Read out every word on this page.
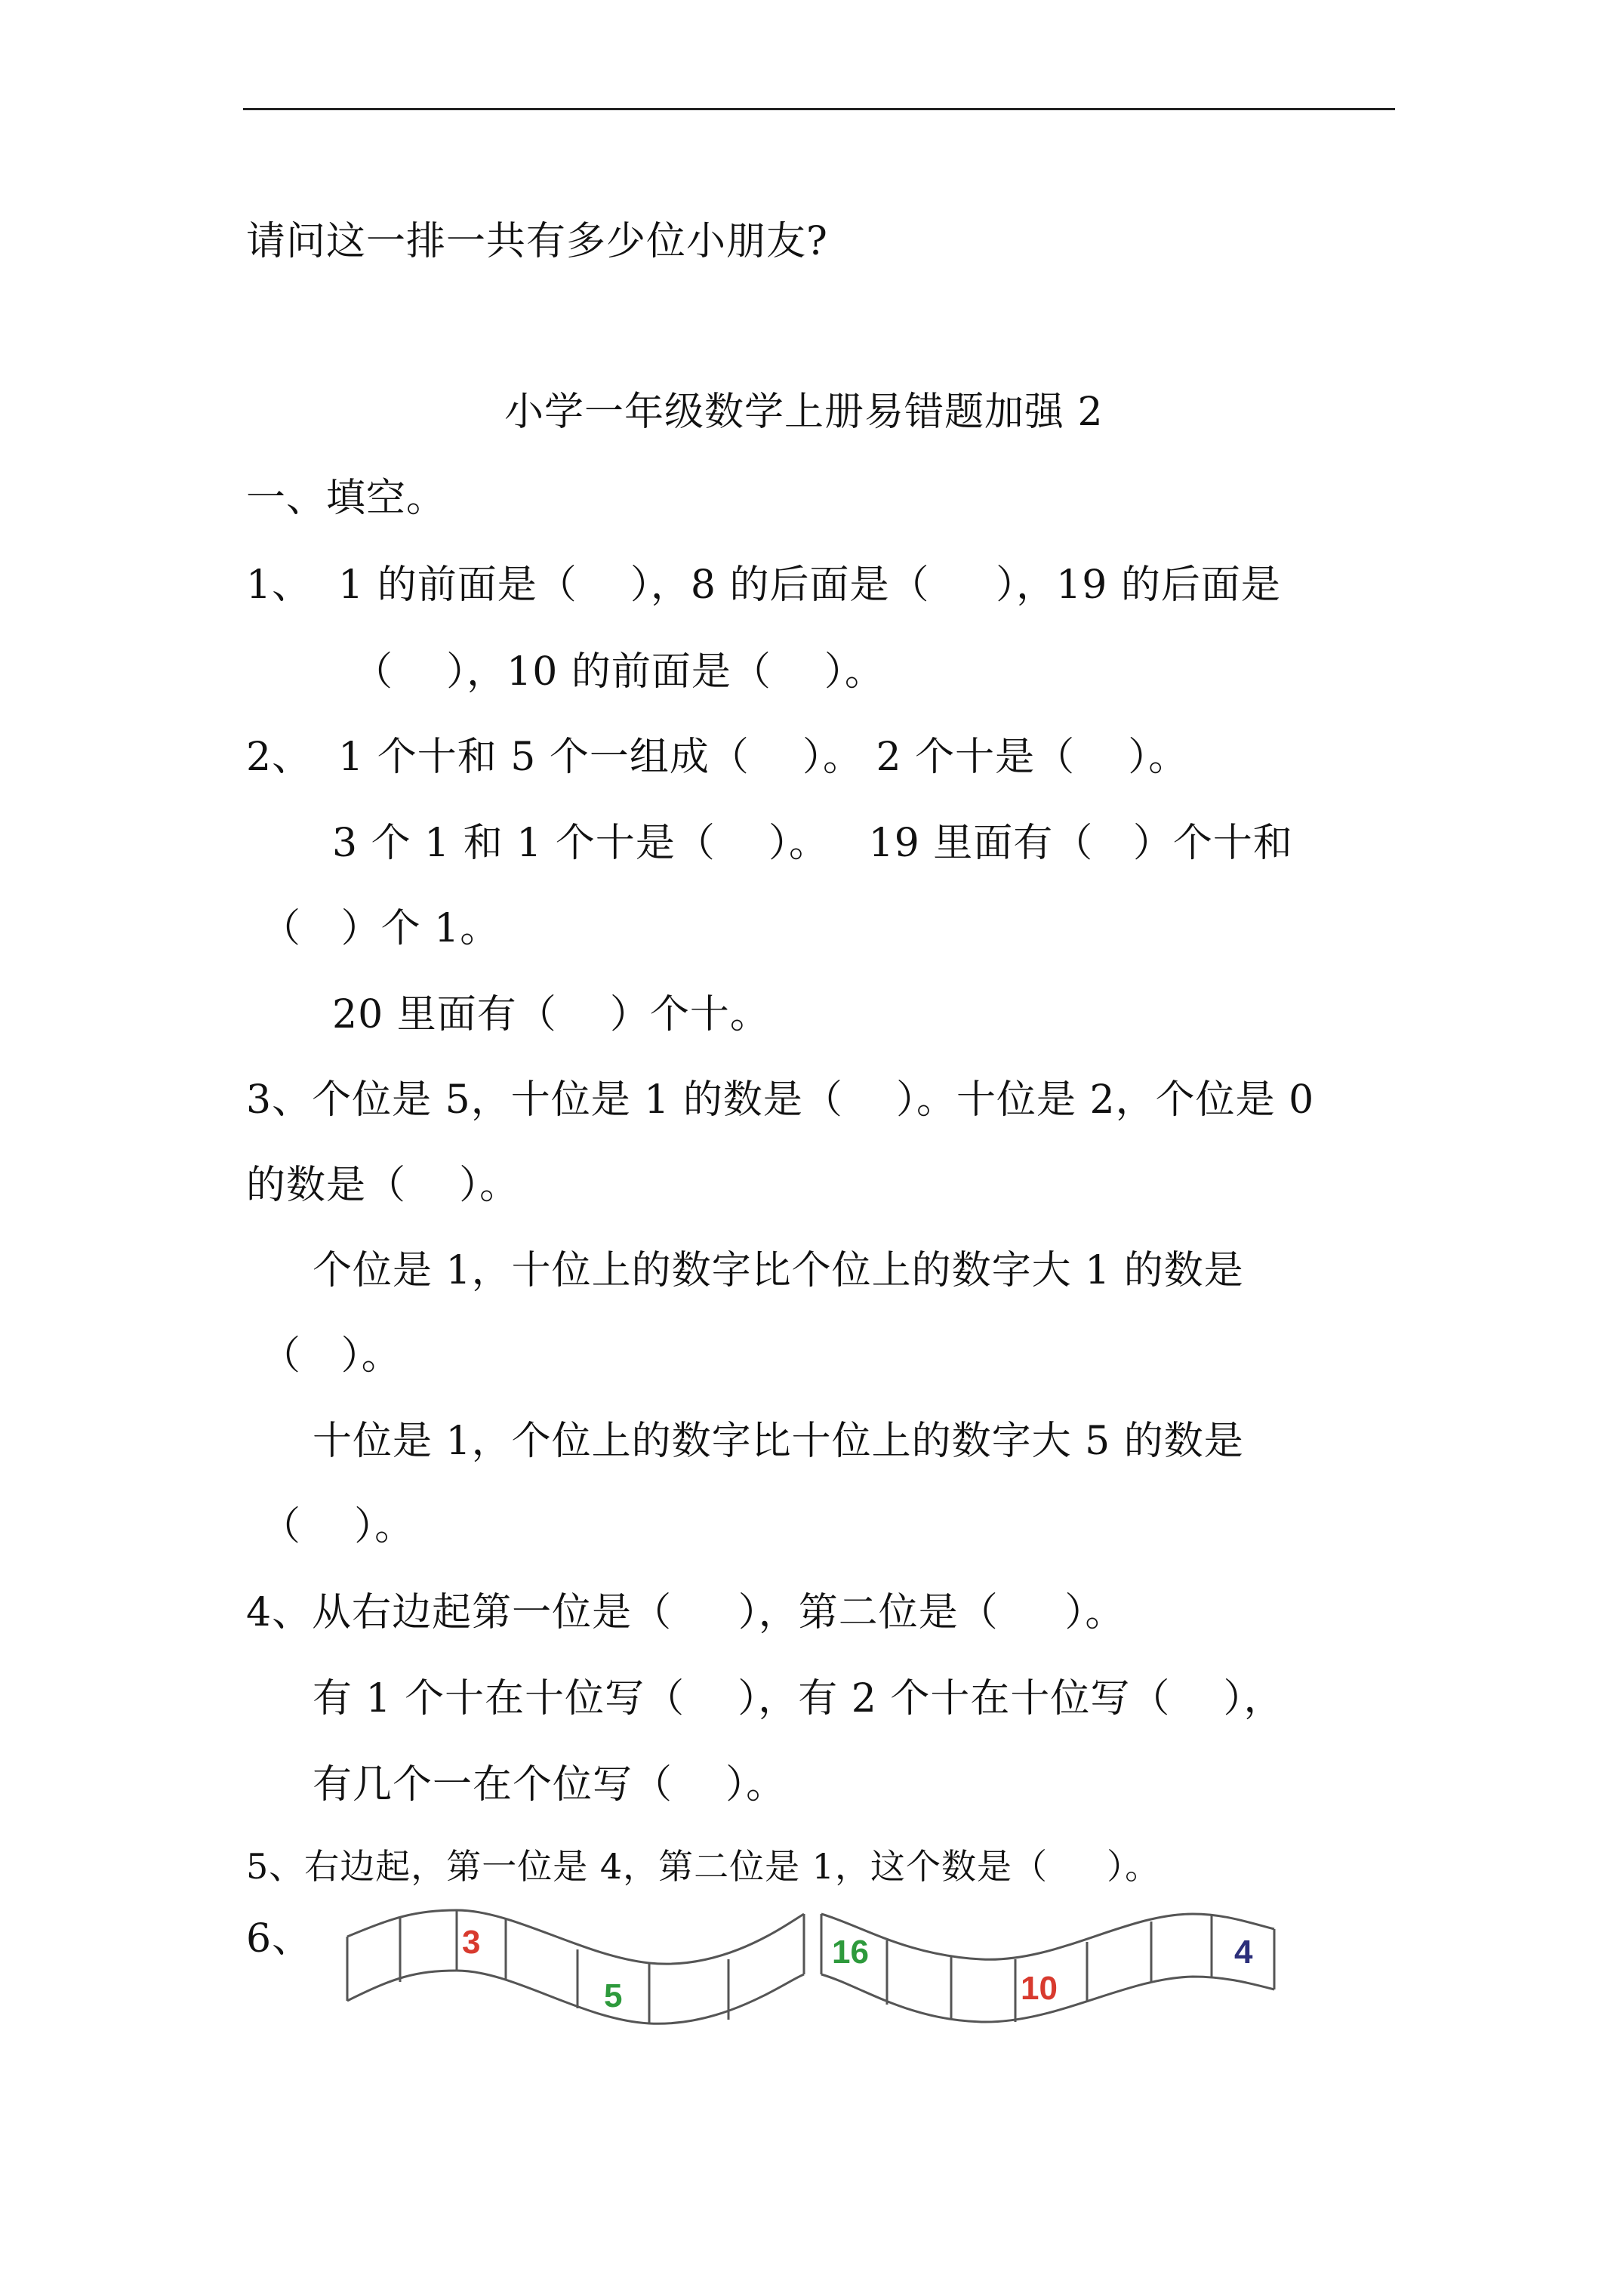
请问这一排一共有多少位小朋友?
小学一年级数学上册易错题加强 2
一、填空。
1、  1 的前面是（    ），8 的后面是（     ），19 的后面是
（    ），10 的前面是（    ）。
2、  1 个十和 5 个一组成（    ）。 2 个十是（    ）。
3 个 1 和 1 个十是（    ）。   19 里面有（   ）个十和
（   ）个 1。
20 里面有（    ）个十。
3、个位是 5，十位是 1 的数是（    ）。十位是 2，个位是 0
的数是（    ）。
个位是 1，十位上的数字比个位上的数字大 1 的数是
（   ）。
十位是 1，个位上的数字比十位上的数字大 5 的数是
（    ）。
4、从右边起第一位是（     ），第二位是（     ）。
有 1 个十在十位写（    ），有 2 个十在十位写（    ），
有几个一在个位写（    ）。
5、右边起，第一位是 4，第二位是 1，这个数是（     ）。
6、	3
5
16
10
4
